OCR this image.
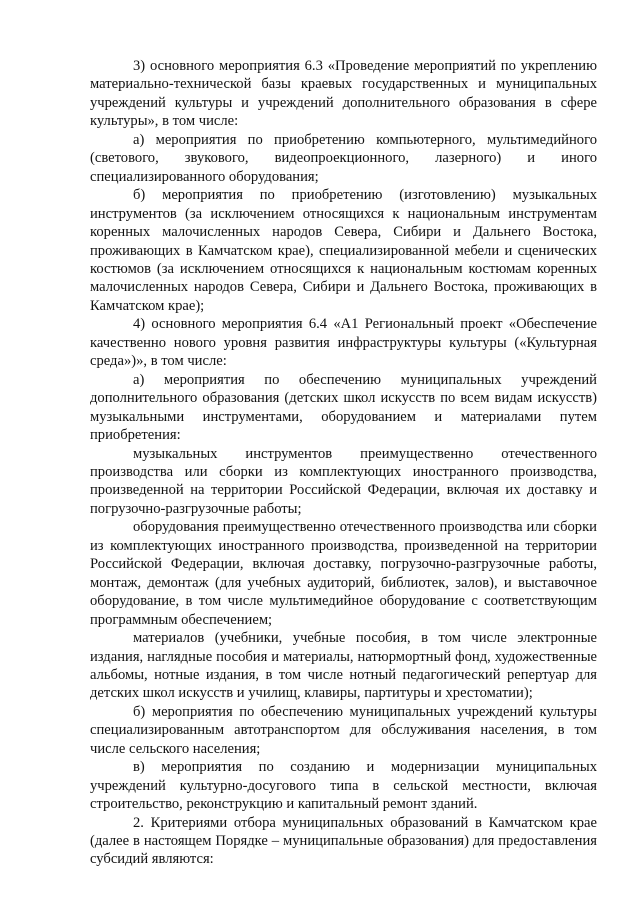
3) основного мероприятия 6.3 «Проведение мероприятий по укреплению материально-технической базы краевых государственных и муниципальных учреждений культуры и учреждений дополнительного образования в сфере культуры», в том числе:

а) мероприятия по приобретению компьютерного, мультимедийного (светового, звукового, видеопроекционного, лазерного) и иного специализированного оборудования;

б) мероприятия по приобретению (изготовлению) музыкальных инструментов (за исключением относящихся к национальным инструментам коренных малочисленных народов Севера, Сибири и Дальнего Востока, проживающих в Камчатском крае), специализированной мебели и сценических костюмов (за исключением относящихся к национальным костюмам коренных малочисленных народов Севера, Сибири и Дальнего Востока, проживающих в Камчатском крае);

4) основного мероприятия 6.4 «А1 Региональный проект «Обеспечение качественно нового уровня развития инфраструктуры культуры («Культурная среда»)», в том числе:

а) мероприятия по обеспечению муниципальных учреждений дополнительного образования (детских школ искусств по всем видам искусств) музыкальными инструментами, оборудованием и материалами путем приобретения:

музыкальных инструментов преимущественно отечественного производства или сборки из комплектующих иностранного производства, произведенной на территории Российской Федерации, включая их доставку и погрузочно-разгрузочные работы;

оборудования преимущественно отечественного производства или сборки из комплектующих иностранного производства, произведенной на территории Российской Федерации, включая доставку, погрузочно-разгрузочные работы, монтаж, демонтаж (для учебных аудиторий, библиотек, залов), и выставочное оборудование, в том числе мультимедийное оборудование с соответствующим программным обеспечением;

материалов (учебники, учебные пособия, в том числе электронные издания, наглядные пособия и материалы, натюрмортный фонд, художественные альбомы, нотные издания, в том числе нотный педагогический репертуар для детских школ искусств и училищ, клавиры, партитуры и хрестоматии);

б) мероприятия по обеспечению муниципальных учреждений культуры специализированным автотранспортом для обслуживания населения, в том числе сельского населения;

в) мероприятия по созданию и модернизации муниципальных учреждений культурно-досугового типа в сельской местности, включая строительство, реконструкцию и капитальный ремонт зданий.

2. Критериями отбора муниципальных образований в Камчатском крае (далее в настоящем Порядке – муниципальные образования) для предоставления субсидий являются:
